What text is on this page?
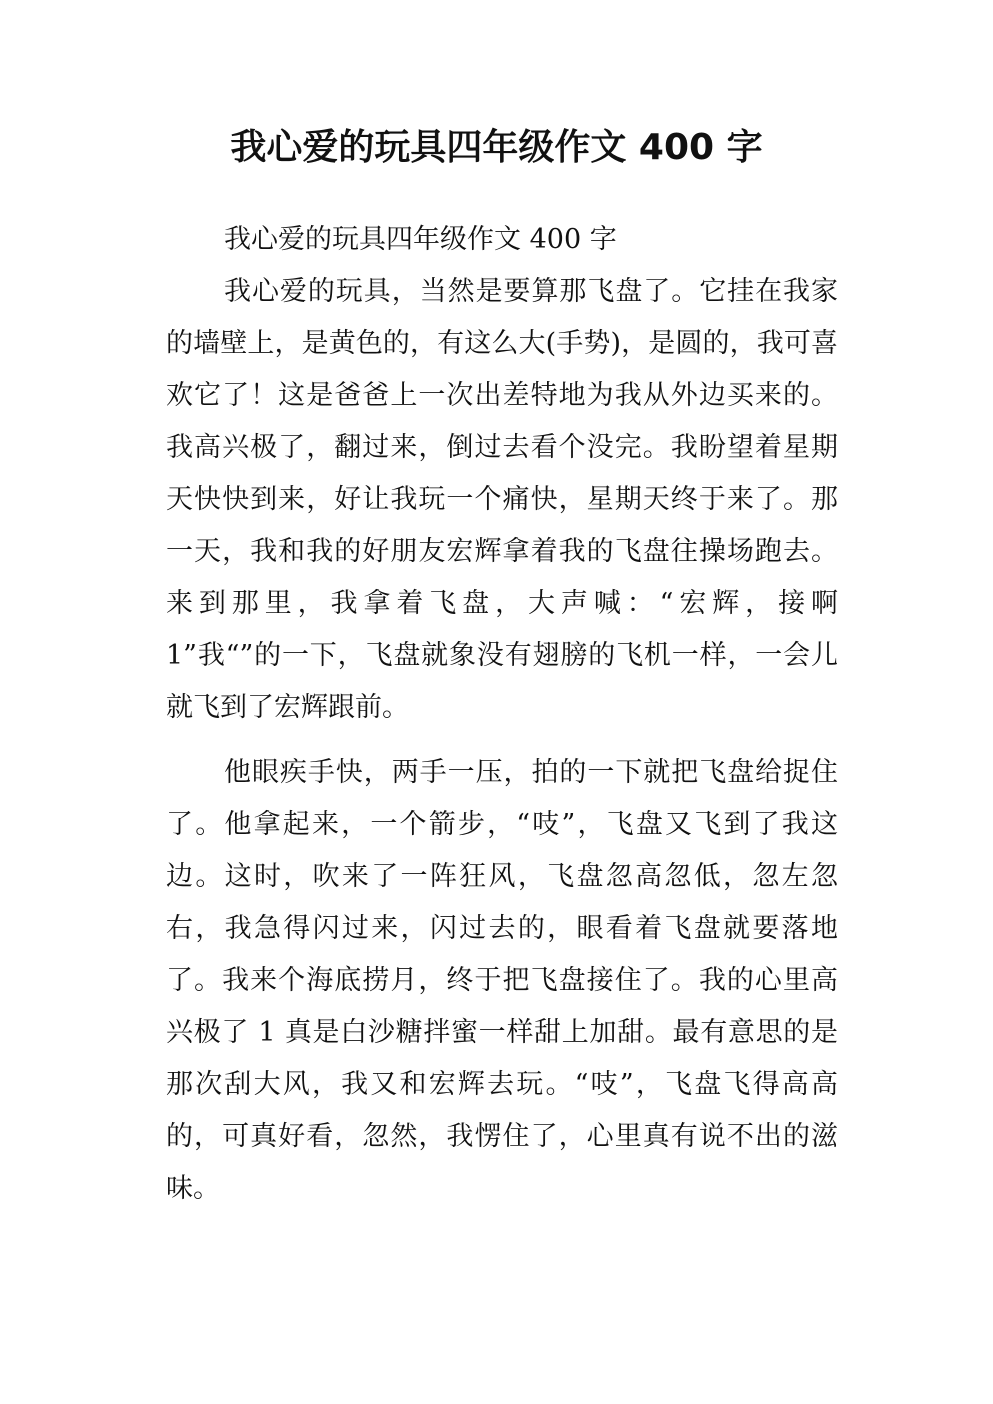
我心爱的玩具四年级作文 400 字

我心爱的玩具四年级作文 400 字

我心爱的玩具，当然是要算那飞盘了。它挂在我家的墙壁上，是黄色的，有这么大(手势)，是圆的，我可喜欢它了！这是爸爸上一次出差特地为我从外边买来的。我高兴极了，翻过来，倒过去看个没完。我盼望着星期天快快到来，好让我玩一个痛快，星期天终于来了。那一天，我和我的好朋友宏辉拿着我的飞盘往操场跑去。来到那里，我拿着飞盘，大声喊：“宏辉，接啊 1”我“”的一下，飞盘就象没有翅膀的飞机一样，一会儿就飞到了宏辉跟前。

他眼疾手快，两手一压，拍的一下就把飞盘给捉住了。他拿起来，一个箭步，“吱”，飞盘又飞到了我这边。这时，吹来了一阵狂风，飞盘忽高忽低，忽左忽右，我急得闪过来，闪过去的，眼看着飞盘就要落地了。我来个海底捞月，终于把飞盘接住了。我的心里高兴极了 1 真是白沙糖拌蜜一样甜上加甜。最有意思的是那次刮大风，我又和宏辉去玩。“吱”，飞盘飞得高高的，可真好看，忽然，我愣住了，心里真有说不出的滋味。
